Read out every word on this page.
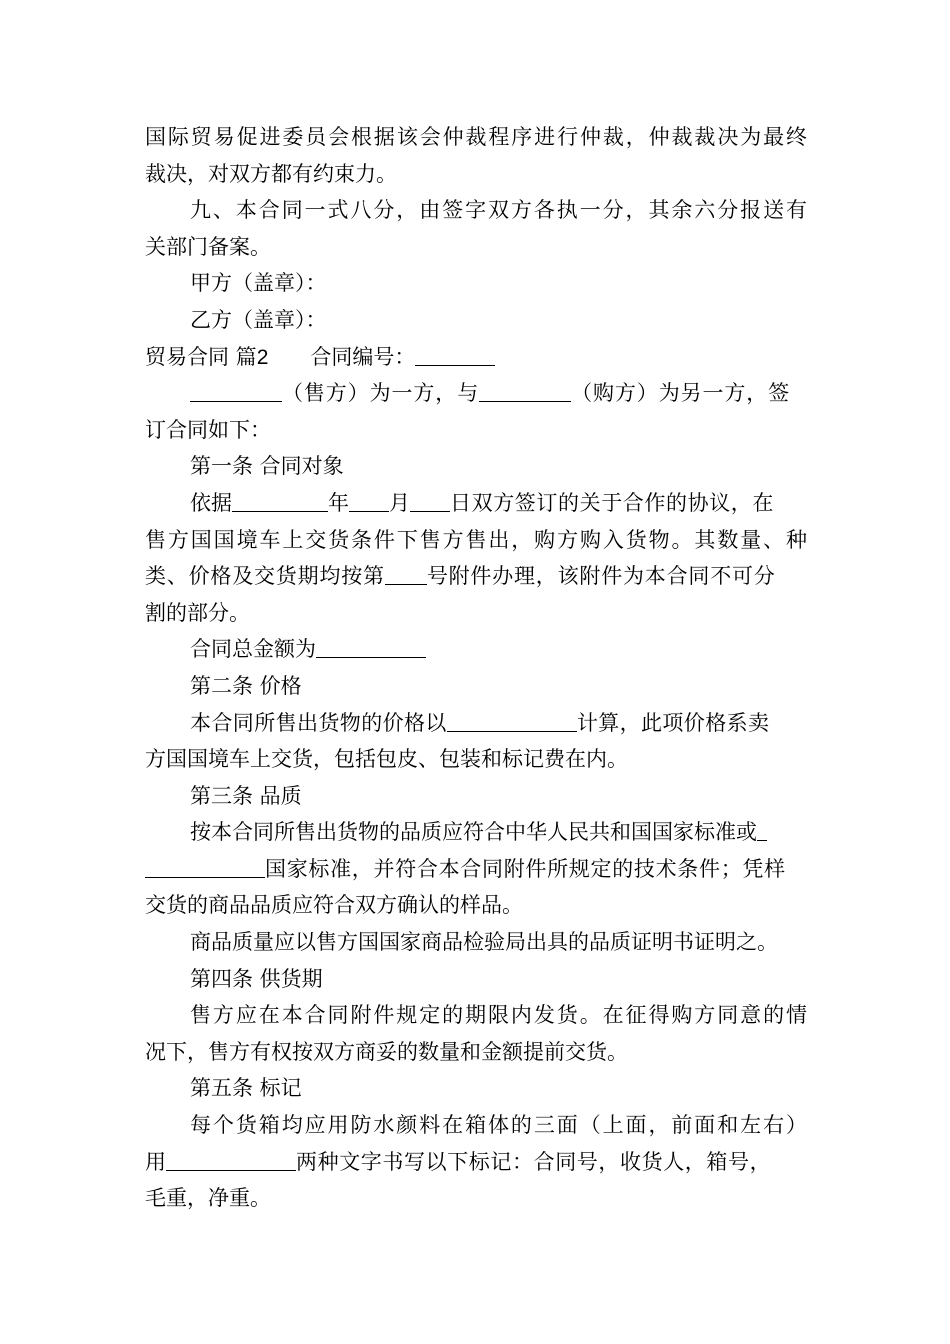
国际贸易促进委员会根据该会仲裁程序进行仲裁，仲裁裁决为最终
裁决，对双方都有约束力。
九、本合同一式八分，由签字双方各执一分，其余六分报送有
关部门备案。
甲方（盖章）：
乙方（盖章）：
贸易合同 篇2 合同编号：
（售方）为一方，与	（购方）为另一方，签
订合同如下：
第一条 合同对象
依据	年 月 日双方签订的关于合作的协议，在
售方国国境车上交货条件下售方售出，购方购入货物。其数量、种
类、价格及交货期均按第 号附件办理，该附件为本合同不可分
割的部分。
合同总金额为
第二条 价格
本合同所售出货物的价格以	计算，此项价格系卖
方国国境车上交货，包括包皮、包装和标记费在内。
第三条 品质
按本合同所售出货物的品质应符合中华人民共和国国家标准或
国家标准，并符合本合同附件所规定的技术条件；凭样
交货的商品品质应符合双方确认的样品。
商品质量应以售方国国家商品检验局出具的品质证明书证明之。
第四条 供货期
售方应在本合同附件规定的期限内发货。在征得购方同意的情
况下，售方有权按双方商妥的数量和金额提前交货。
第五条 标记
每个货箱均应用防水颜料在箱体的三面（上面，前面和左右）
用	两种文字书写以下标记：合同号，收货人，箱号，
毛重，净重。
